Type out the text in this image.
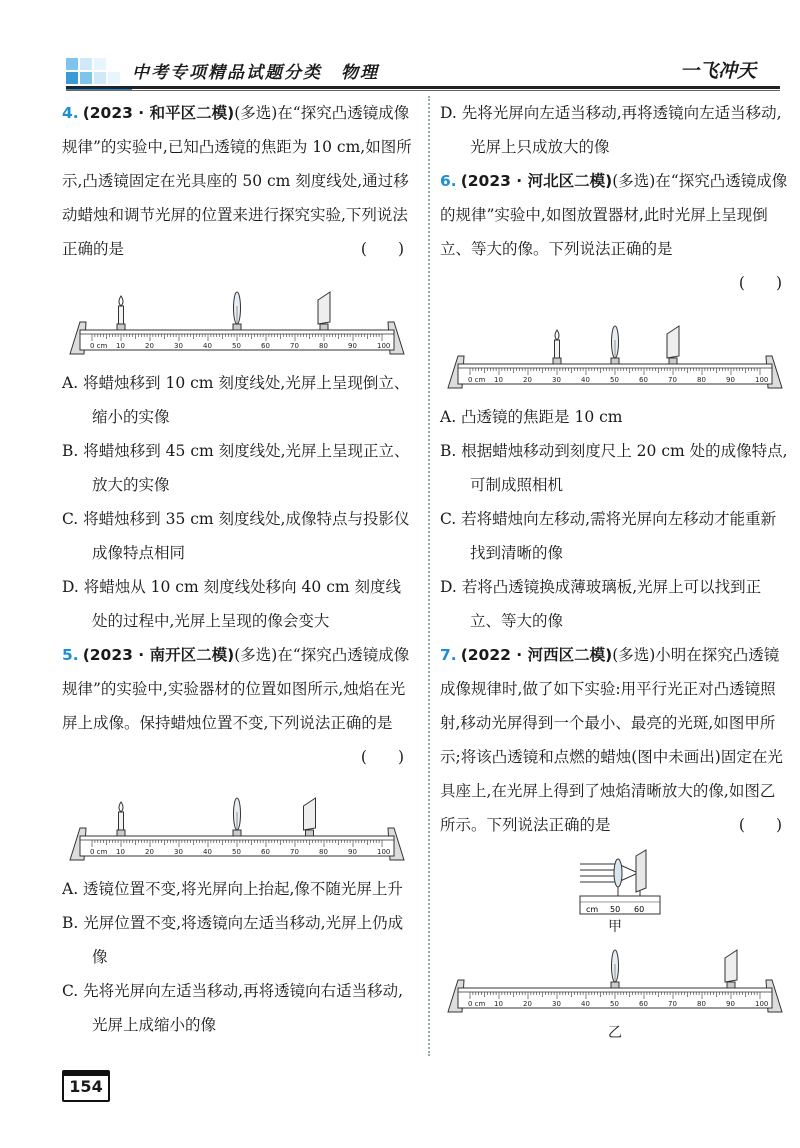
中考专项精品试题分类　物理	一飞冲天

4. (2023 · 和平区二模)(多选)在“探究凸透镜成像规律”的实验中,已知凸透镜的焦距为 10 cm,如图所示,凸透镜固定在光具座的 50 cm 刻度线处,通过移动蜡烛和调节光屏的位置来进行探究实验,下列说法正确的是	(　　)

0 cm 10	20	30	40	50	60	70	80	90	100

A. 将蜡烛移到 10 cm 刻度线处,光屏上呈现倒立、缩小的实像

B. 将蜡烛移到 45 cm 刻度线处,光屏上呈现正立、放大的实像

C. 将蜡烛移到 35 cm 刻度线处,成像特点与投影仪成像特点相同

D. 将蜡烛从 10 cm 刻度线处移向 40 cm 刻度线处的过程中,光屏上呈现的像会变大

5. (2023 · 南开区二模)(多选)在“探究凸透镜成像规律”的实验中,实验器材的位置如图所示,烛焰在光屏上成像。保持蜡烛位置不变,下列说法正确的是
(　　)

0 cm 10	20	30	40	50	60	70	80	90	100

A. 透镜位置不变,将光屏向上抬起,像不随光屏上升

B. 光屏位置不变,将透镜向左适当移动,光屏上仍成像

C. 先将光屏向左适当移动,再将透镜向右适当移动,光屏上成缩小的像

D. 先将光屏向左适当移动,再将透镜向左适当移动,光屏上只成放大的像

6. (2023 · 河北区二模)(多选)在“探究凸透镜成像的规律”实验中,如图放置器材,此时光屏上呈现倒立、等大的像。下列说法正确的是

(　　)
0 cm 10	20	30	40	50	60	70	80	90	100

A. 凸透镜的焦距是 10 cm

B. 根据蜡烛移动到刻度尺上 20 cm 处的成像特点,可制成照相机

C. 若将蜡烛向左移动,需将光屏向左移动才能重新找到清晰的像

D. 若将凸透镜换成薄玻璃板,光屏上可以找到正立、等大的像

7. (2022 · 河西区二模)(多选)小明在探究凸透镜成像规律时,做了如下实验:用平行光正对凸透镜照射,移动光屏得到一个最小、最亮的光斑,如图甲所示;将该凸透镜和点燃的蜡烛(图中未画出)固定在光具座上,在光屏上得到了烛焰清晰放大的像,如图乙所示。下列说法正确的是	(　　)

cm 50 60
甲
0 cm 10	20	30	40	50	60	70	80	90	100
乙
154
